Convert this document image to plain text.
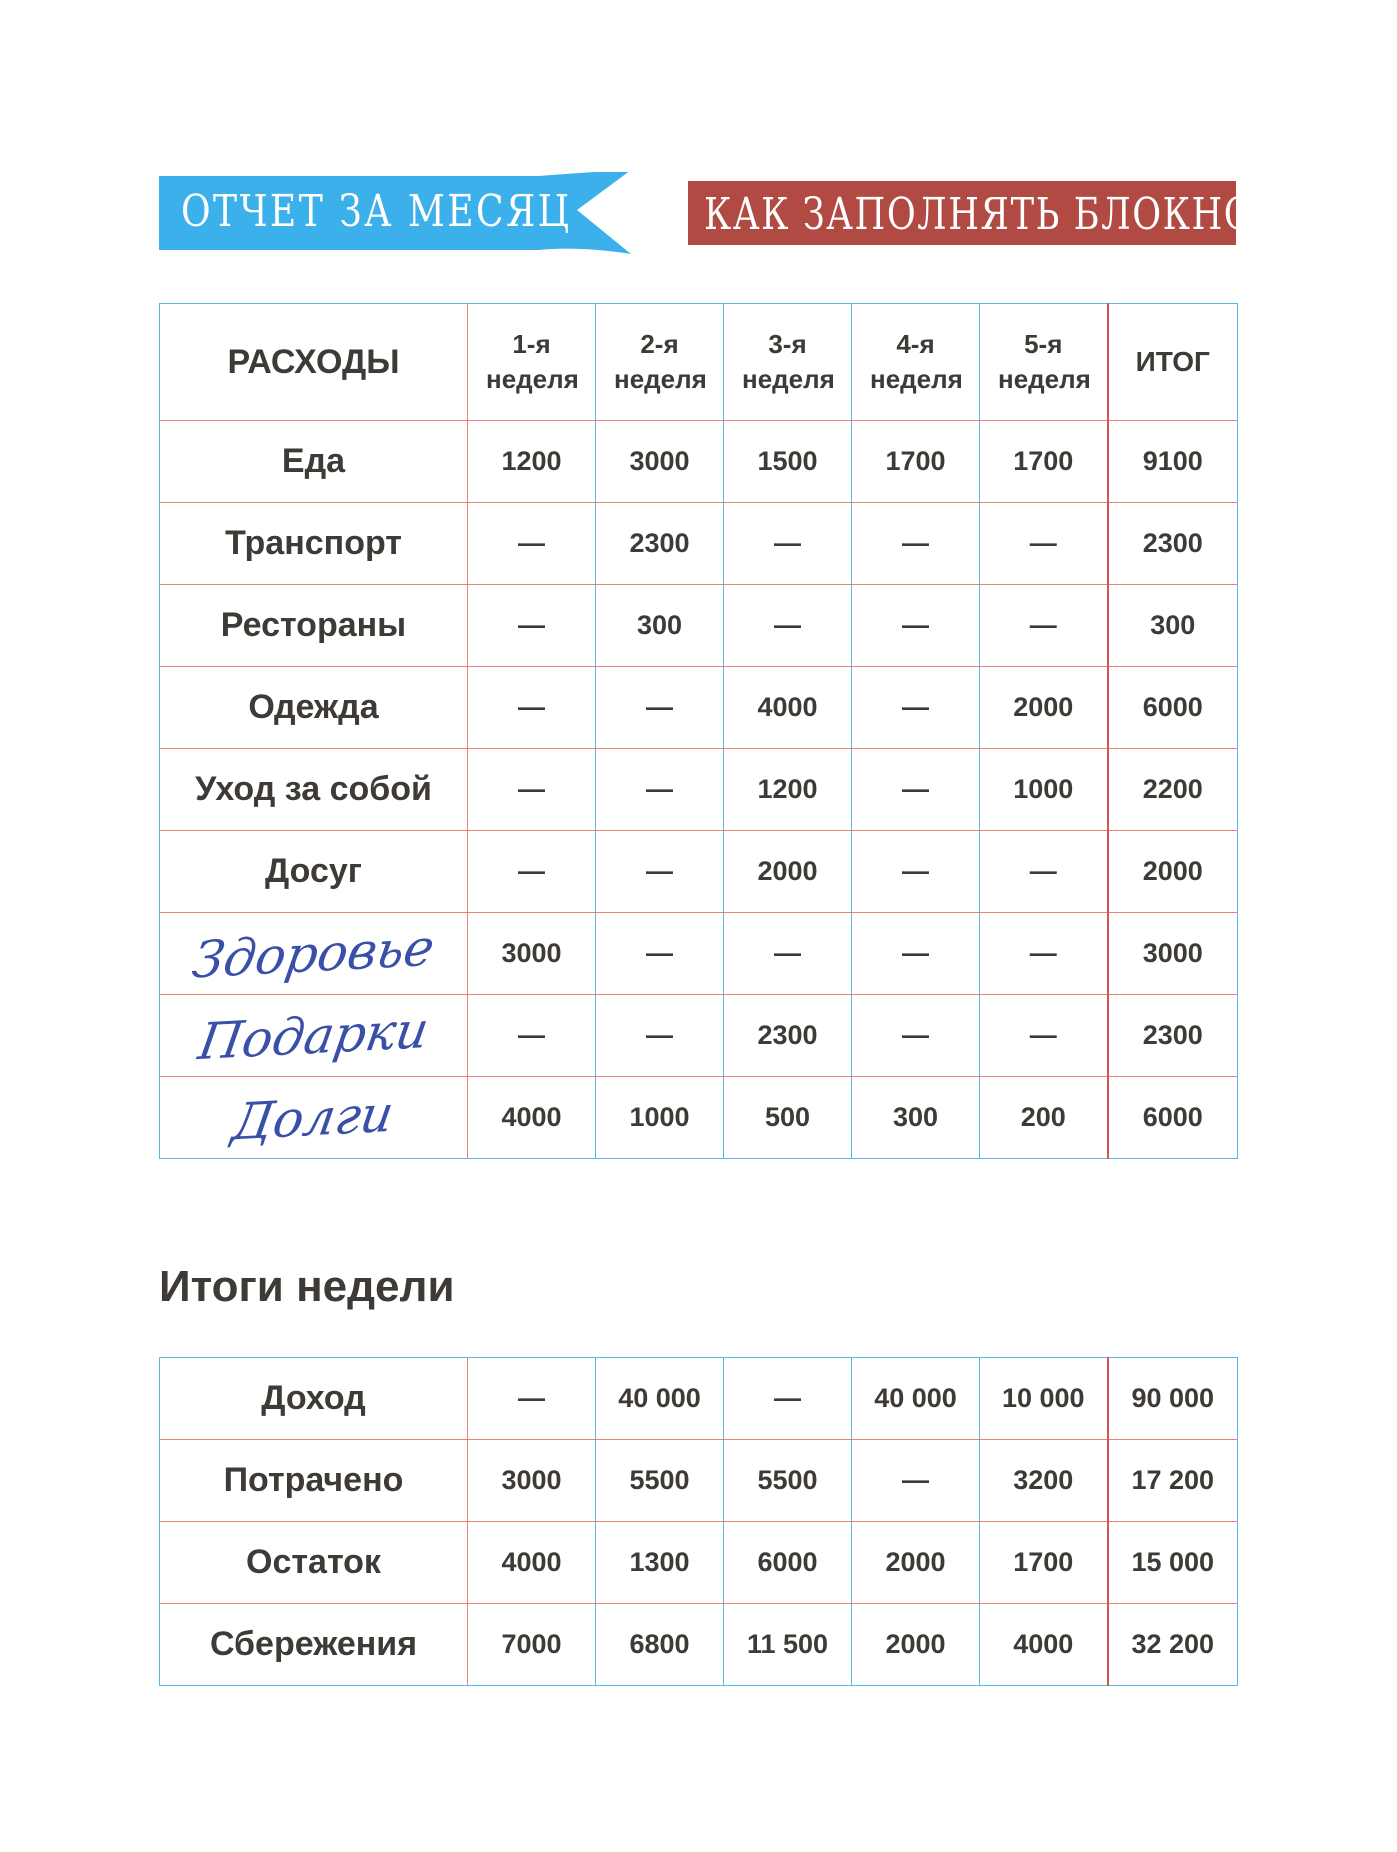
ОТЧЕТ ЗА МЕСЯЦ	КАК ЗАПОЛНЯТЬ БЛОКНОТ
РАСХОДЫ	1-я неделя	2-я неделя	3-я неделя	4-я неделя	5-я неделя	ИТОГ
Еда	1200	3000	1500	1700	1700	9100
Транспорт	—	2300	—	—	—	2300
Рестораны	—	300	—	—	—	300
Одежда	—	—	4000	—	2000	6000
Уход за собой	—	—	1200	—	1000	2200
Досуг	—	—	2000	—	—	2000
Здоровье	3000	—	—	—	—	3000
Подарки	—	—	2300	—	—	2300
Долги	4000	1000	500	300	200	6000
Итоги недели
Доход	—	40 000	—	40 000	10 000	90 000
Потрачено	3000	5500	5500	—	3200	17 200
Остаток	4000	1300	6000	2000	1700	15 000
Сбережения	7000	6800	11 500	2000	4000	32 200
